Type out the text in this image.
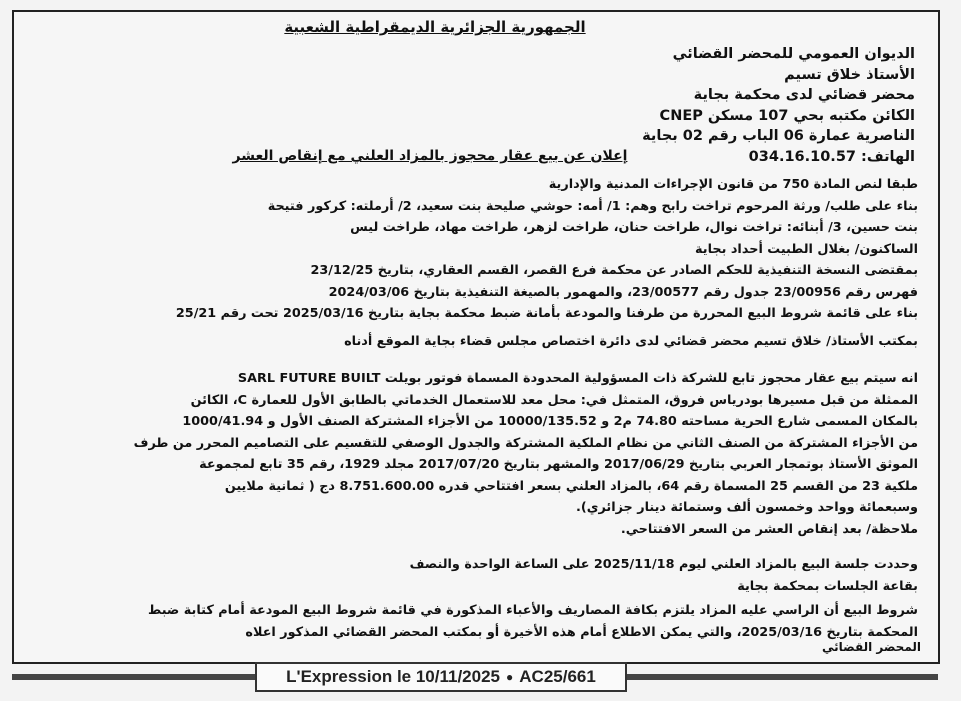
الجمهورية الجزائرية الديمقراطية الشعبية
الديوان العمومي للمحضر القضائي
الأستاذ خلاق تسيم
محضر قضائي لدى محكمة بجاية
الكائن مكتبه بحي 107 مسكن CNEP
الناصرية عمارة 06 الباب رقم 02 بجاية
الهاتف: 034.16.10.57
إعلان عن بيع عقار محجوز بالمزاد العلني مع إنقاص العشر
طبقا لنص المادة 750 من قانون الإجراءات المدنية والإدارية
بناء على طلب/ ورثة المرحوم تراخت رابح وهم: 1/ أمه: حوشي صليحة بنت سعيد، 2/ أرملته: كركور فتيحة
بنت حسين، 3/ أبنائه: تراخت نوال، طراخت حنان، طراخت لزهر، طراخت مهاد، طراخت ليس
الساكنون/ بغلال الطبيت أحداد بجاية
بمقتضى النسخة التنفيذية للحكم الصادر عن محكمة فرع القصر، القسم العقاري، بتاريخ 23/12/25
فهرس رقم 23/00956 جدول رقم 23/00577، والمهمور بالصيغة التنفيذية بتاريخ 2024/03/06
بناء على قائمة شروط البيع المحررة من طرفنا والمودعة بأمانة ضبط محكمة بجاية بتاريخ 2025/03/16 تحت رقم 25/21
بمكتب الأستاذ/ خلاق تسيم محضر قضائي لدى دائرة اختصاص مجلس قضاء بجاية الموقع أدناه
انه سيتم بيع عقار محجوز تابع للشركة ذات المسؤولية المحدودة المسماة فوتور بويلت SARL FUTURE BUILT
الممثلة من قبل مسيرها بودرياس فروق، المتمثل في: محل معد للاستعمال الخدماتي بالطابق الأول للعمارة C، الكائن
بالمكان المسمى شارع الحرية مساحته 74.80 م2 و 10000/135.52 من الأجزاء المشتركة الصنف الأول و 1000/41.94
من الأجزاء المشتركة من الصنف الثاني من نظام الملكية المشتركة والجدول الوصفي للتقسيم على التصاميم المحرر من طرف
الموثق الأستاذ بوتمجار العربي بتاريخ 2017/06/29 والمشهر بتاريخ 2017/07/20 مجلد 1929، رقم 35 تابع لمجموعة
ملكية 23 من القسم 25 المسماة رقم 64، بالمزاد العلني بسعر افتتاحي قدره 8.751.600.00 دج ( ثمانية ملايين
وسبعمائة وواحد وخمسون ألف وستمائة دينار جزائري).
ملاحظة/ بعد إنقاص العشر من السعر الافتتاحي.
وحددت جلسة البيع بالمزاد العلني ليوم 2025/11/18 على الساعة الواحدة والنصف
بقاعة الجلسات بمحكمة بجاية
شروط البيع أن الراسي عليه المزاد يلتزم بكافة المصاريف والأعباء المذكورة في قائمة شروط البيع المودعة أمام كتابة ضبط
المحكمة بتاريخ 2025/03/16، والتي يمكن الاطلاع أمام هذه الأخيرة أو بمكتب المحضر القضائي المذكور اعلاه
المحضر القضائي
L'Expression le 10/11/2025 ● AC25/661
